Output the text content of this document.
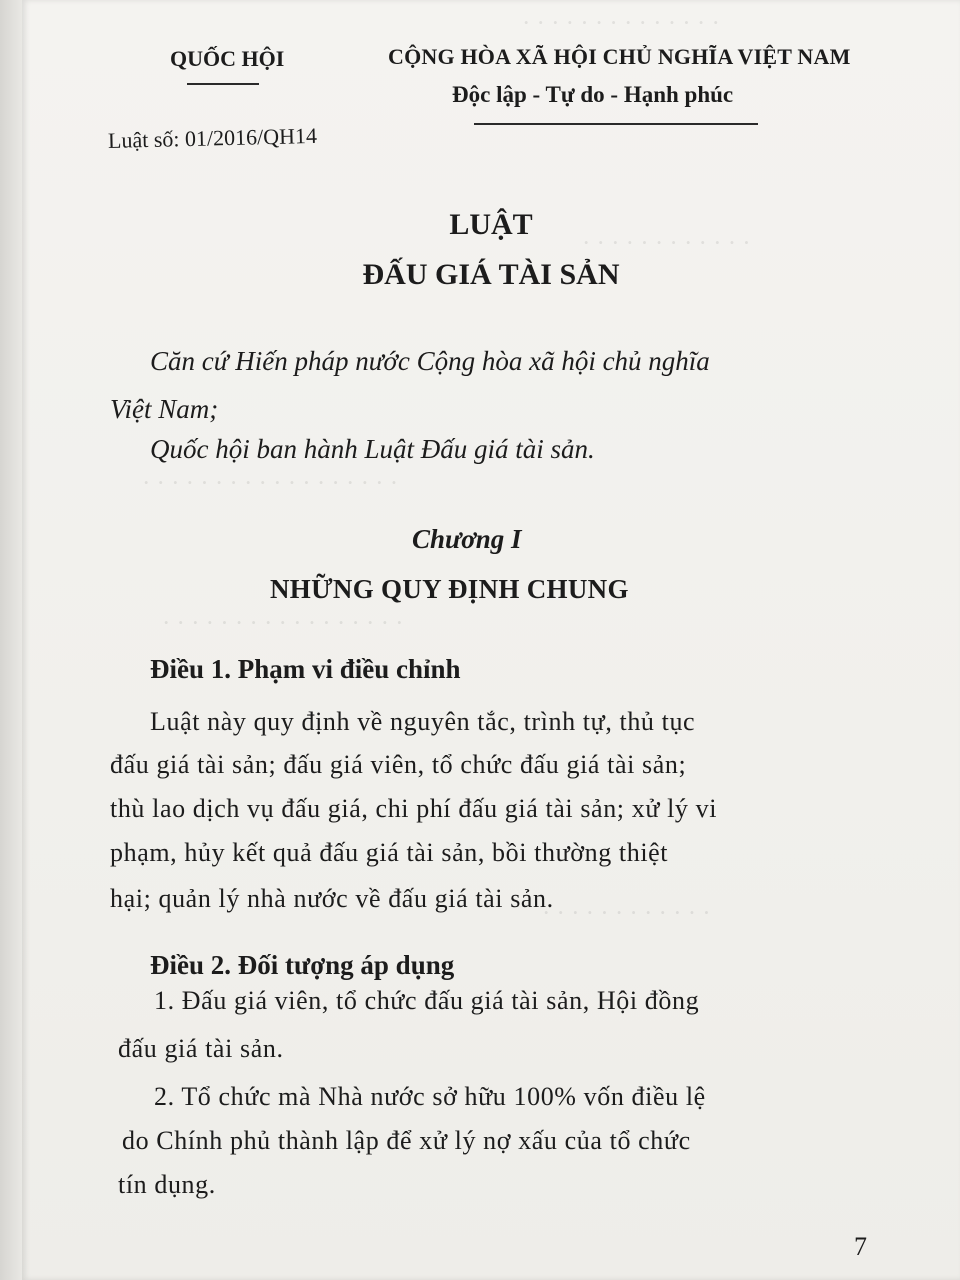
· · · · · · · · · · · · · ·
· · · · · · · · · · · ·
· · · · · · · · · · · · · · · · · ·
· · · · · · · · · · · · · · · · ·
· · · · · · · · · · · ·
QUỐC HỘI	CỘNG HÒA XÃ HỘI CHỦ NGHĨA VIỆT NAM
Độc lập - Tự do - Hạnh phúc
Luật số: 01/2016/QH14
LUẬT
ĐẤU GIÁ TÀI SẢN
Căn cứ Hiến pháp nước Cộng hòa xã hội chủ nghĩa
Việt Nam;
Quốc hội ban hành Luật Đấu giá tài sản.
Chương I
NHỮNG QUY ĐỊNH CHUNG
Điều 1. Phạm vi điều chỉnh
Luật này quy định về nguyên tắc, trình tự, thủ tục
đấu giá tài sản; đấu giá viên, tổ chức đấu giá tài sản;
thù lao dịch vụ đấu giá, chi phí đấu giá tài sản; xử lý vi
phạm, hủy kết quả đấu giá tài sản, bồi thường thiệt
hại; quản lý nhà nước về đấu giá tài sản.
Điều 2. Đối tượng áp dụng
1. Đấu giá viên, tổ chức đấu giá tài sản, Hội đồng
đấu giá tài sản.
2. Tổ chức mà Nhà nước sở hữu 100% vốn điều lệ
do Chính phủ thành lập để xử lý nợ xấu của tổ chức
tín dụng.
7
